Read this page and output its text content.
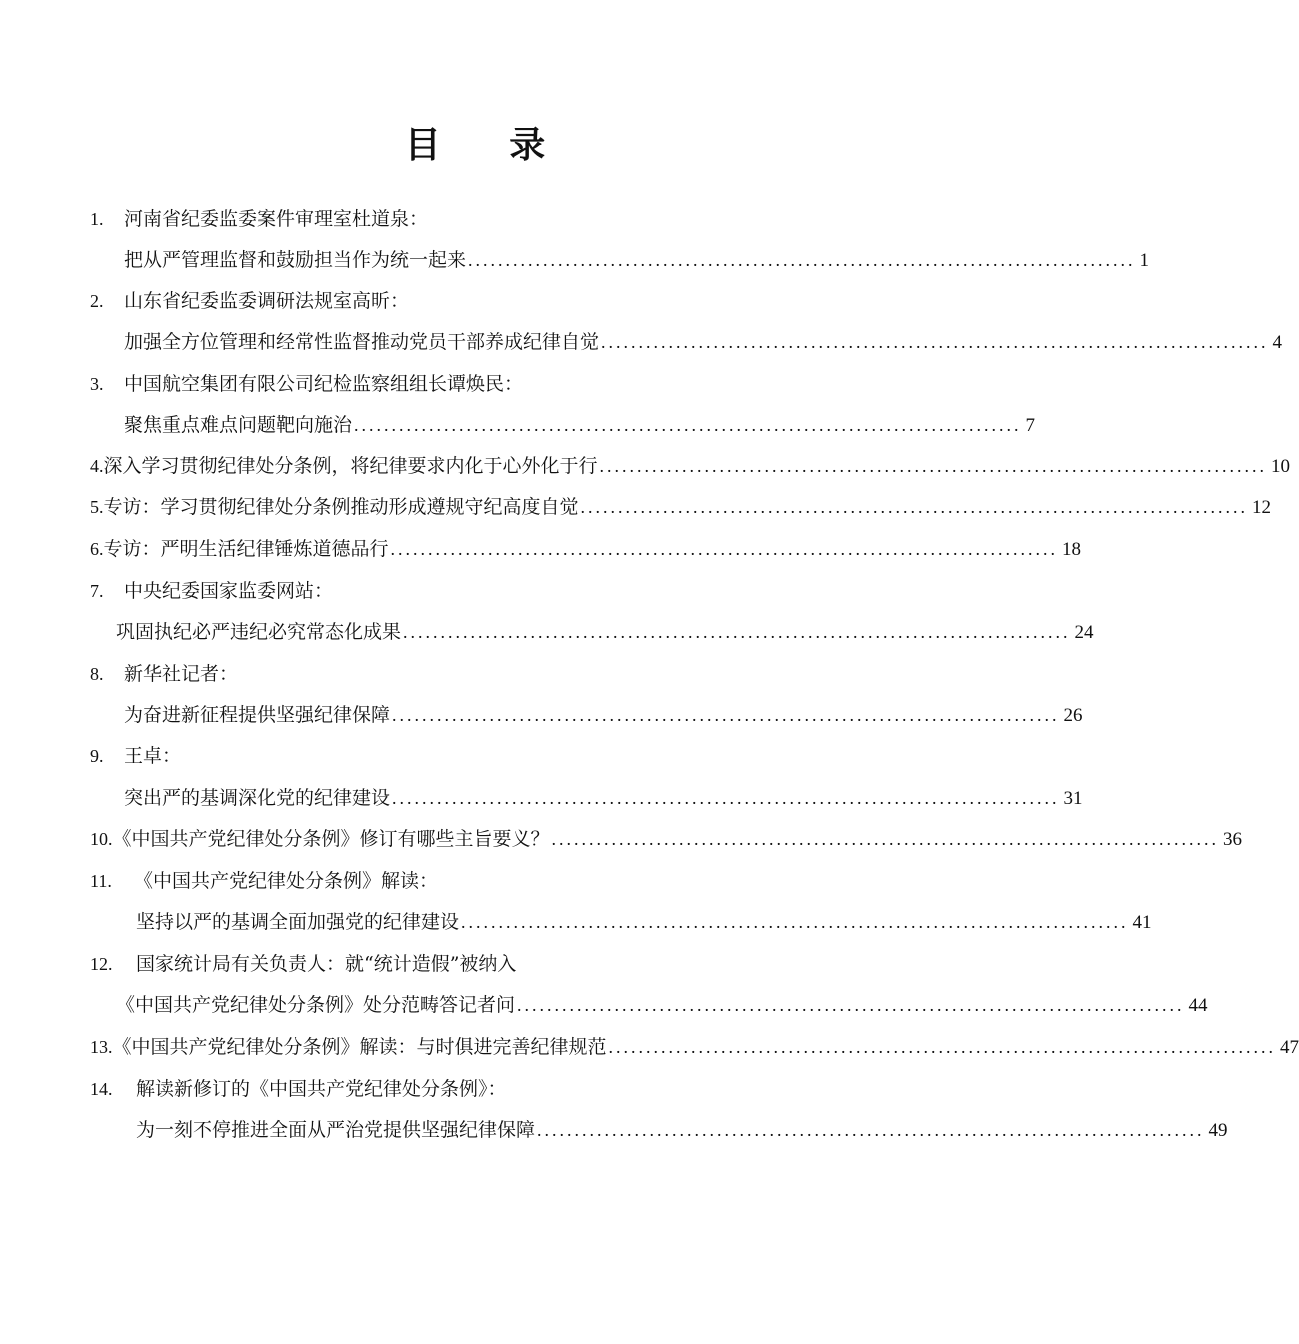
目 录
1.	河南省纪委监委案件审理室杜道泉：
把从严管理监督和鼓励担当作为统一起来 ......................................................................................... 1
2.	山东省纪委监委调研法规室高昕：
加强全方位管理和经常性监督推动党员干部养成纪律自觉 ......................................................................................... 4
3.	中国航空集团有限公司纪检监察组组长谭焕民：
聚焦重点难点问题靶向施治 ......................................................................................... 7
4. 深入学习贯彻纪律处分条例，将纪律要求内化于心外化于行 ......................................................................................... 10
5. 专访：学习贯彻纪律处分条例推动形成遵规守纪高度自觉 ......................................................................................... 12
6. 专访：严明生活纪律锤炼道德品行 ......................................................................................... 18
7.	中央纪委国家监委网站：
巩固执纪必严违纪必究常态化成果 ......................................................................................... 24
8.	新华社记者：
为奋进新征程提供坚强纪律保障 ......................................................................................... 26
9.	王卓：
突出严的基调深化党的纪律建设 ......................................................................................... 31
10. 《中国共产党纪律处分条例》修订有哪些主旨要义？ ......................................................................................... 36
11.	《中国共产党纪律处分条例》解读：
坚持以严的基调全面加强党的纪律建设 ......................................................................................... 41
12.	国家统计局有关负责人：就“统计造假”被纳入
《中国共产党纪律处分条例》处分范畴答记者问 ......................................................................................... 44
13. 《中国共产党纪律处分条例》解读：与时俱进完善纪律规范 ......................................................................................... 47
14.	解读新修订的《中国共产党纪律处分条例》：
为一刻不停推进全面从严治党提供坚强纪律保障 ......................................................................................... 49
